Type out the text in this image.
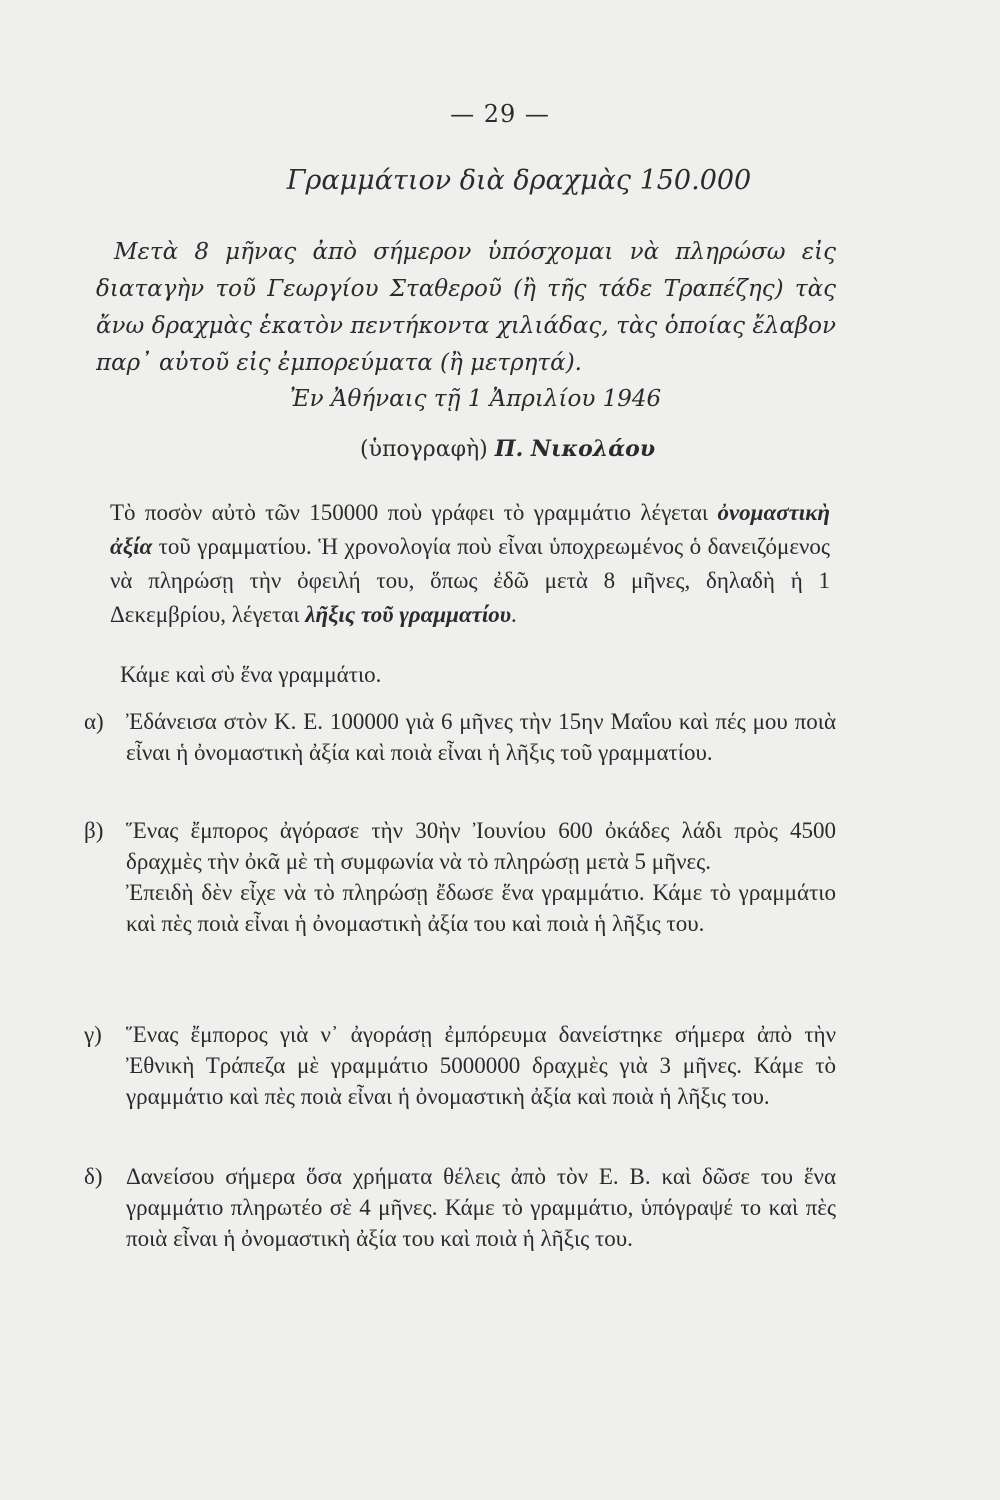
— 29 —
Γραμμάτιον διὰ δραχμὰς 150.000

Μετὰ 8 μῆνας ἀπὸ σήμερον ὑπόσχομαι νὰ πληρώσω εἰς διαταγὴν τοῦ Γεωργίου Σταθεροῦ (ἢ τῆς τάδε Τραπέζης) τὰς ἄνω δραχμὰς ἑκατὸν πεντήκοντα χιλιάδας, τὰς ὁποίας ἔλαβον παρ᾽ αὐτοῦ εἰς ἐμπορεύματα (ἢ μετρητά).

Ἐν Ἀθήναις τῇ 1 Ἀπριλίου 1946
(ὑπογραφὴ) Π. Νικολάου

Τὸ ποσὸν αὐτὸ τῶν 150000 ποὺ γράφει τὸ γραμμάτιο λέγεται ὀνομαστικὴ ἀξία τοῦ γραμματίου. Ἡ χρονολογία ποὺ εἶναι ὑποχρεωμένος ὁ δανειζόμενος νὰ πληρώσῃ τὴν ὀφειλή του, ὅπως ἐδῶ μετὰ 8 μῆνες, δηλαδὴ ἡ 1 Δεκεμβρίου, λέγεται λῆξις τοῦ γραμματίου.

Κάμε καὶ σὺ ἕνα γραμμάτιο.
α) Ἐδάνεισα στὸν Κ. Ε. 100000 γιὰ 6 μῆνες τὴν 15ην Μαΐου καὶ πές μου ποιὰ εἶναι ἡ ὀνομαστικὴ ἀξία καὶ ποιὰ εἶναι ἡ λῆξις τοῦ γραμματίου.

β) Ἕνας ἔμπορος ἀγόρασε τὴν 30ὴν Ἰουνίου 600 ὀκάδες λάδι πρὸς 4500 δραχμὲς τὴν ὀκᾶ μὲ τὴ συμφωνία νὰ τὸ πληρώσῃ μετὰ 5 μῆνες.

Ἐπειδὴ δὲν εἶχε νὰ τὸ πληρώσῃ ἔδωσε ἕνα γραμμάτιο. Κάμε τὸ γραμμάτιο καὶ πὲς ποιὰ εἶναι ἡ ὀνομαστικὴ ἀξία του καὶ ποιὰ ἡ λῆξις του.

γ)	Ἕνας ἔμπορος γιὰ ν᾽ ἀγοράσῃ ἐμπόρευμα δανείστηκε σήμερα ἀπὸ τὴν Ἐθνικὴ Τράπεζα μὲ γραμμάτιο 5000000 δραχμὲς γιὰ 3 μῆνες. Κάμε τὸ γραμμάτιο καὶ πὲς ποιὰ εἶναι ἡ ὀνομαστικὴ ἀξία καὶ ποιὰ ἡ λῆξις του.

δ)	Δανείσου σήμερα ὅσα χρήματα θέλεις ἀπὸ τὸν Ε. Β. καὶ δῶσε του ἕνα γραμμάτιο πληρωτέο σὲ 4 μῆνες. Κάμε τὸ γραμμάτιο, ὑπόγραψέ το καὶ πὲς ποιὰ εἶναι ἡ ὀνομαστικὴ ἀξία του καὶ ποιὰ ἡ λῆξις του.
